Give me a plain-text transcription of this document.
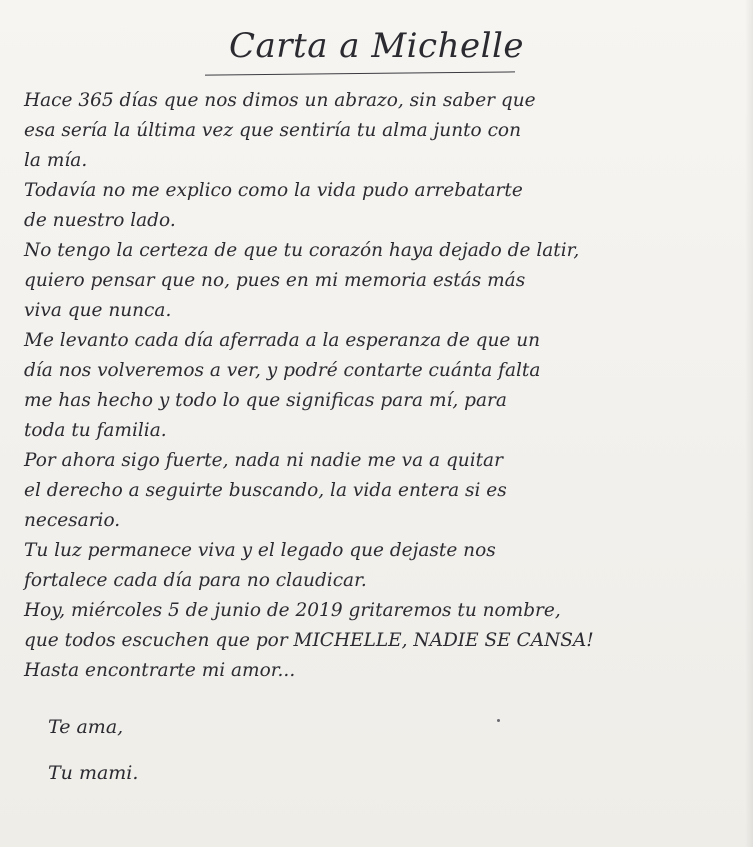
Carta a Michelle
Hace 365 días que nos dimos un abrazo, sin saber que
esa sería la última vez que sentiría tu alma junto con
la mía.
Todavía no me explico como la vida pudo arrebatarte
de nuestro lado.
No tengo la certeza de que tu corazón haya dejado de latir,
quiero pensar que no, pues en mi memoria estás más
viva que nunca.
Me levanto cada día aferrada a la esperanza de que un
día nos volveremos a ver, y podré contarte cuánta falta
me has hecho y todo lo que significas para mí, para
toda tu familia.
Por ahora sigo fuerte, nada ni nadie me va a quitar
el derecho a seguirte buscando, la vida entera si es
necesario.
Tu luz permanece viva y el legado que dejaste nos
fortalece cada día para no claudicar.
Hoy, miércoles 5 de junio de 2019 gritaremos tu nombre,
que todos escuchen que por MICHELLE, NADIE SE CANSA!
Hasta encontrarte mi amor...
Te ama,
Tu mami.
